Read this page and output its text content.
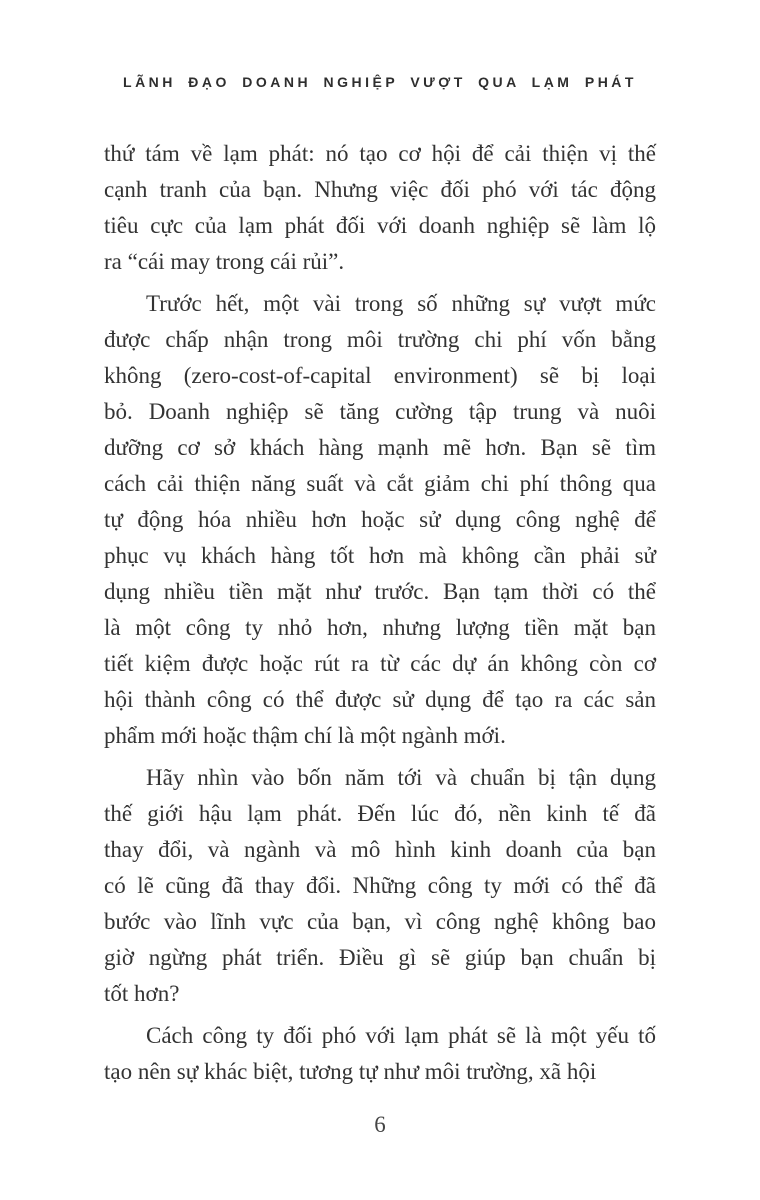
LÃNH ĐẠO DOANH NGHIỆP VƯỢT QUA LẠM PHÁT
thứ tám về lạm phát: nó tạo cơ hội để cải thiện vị thế
cạnh tranh của bạn. Nhưng việc đối phó với tác động
tiêu cực của lạm phát đối với doanh nghiệp sẽ làm lộ
ra “cái may trong cái rủi”.
Trước hết, một vài trong số những sự vượt mức
được chấp nhận trong môi trường chi phí vốn bằng
không (zero-cost-of-capital environment) sẽ bị loại
bỏ. Doanh nghiệp sẽ tăng cường tập trung và nuôi
dưỡng cơ sở khách hàng mạnh mẽ hơn. Bạn sẽ tìm
cách cải thiện năng suất và cắt giảm chi phí thông qua
tự động hóa nhiều hơn hoặc sử dụng công nghệ để
phục vụ khách hàng tốt hơn mà không cần phải sử
dụng nhiều tiền mặt như trước. Bạn tạm thời có thể
là một công ty nhỏ hơn, nhưng lượng tiền mặt bạn
tiết kiệm được hoặc rút ra từ các dự án không còn cơ
hội thành công có thể được sử dụng để tạo ra các sản
phẩm mới hoặc thậm chí là một ngành mới.
Hãy nhìn vào bốn năm tới và chuẩn bị tận dụng
thế giới hậu lạm phát. Đến lúc đó, nền kinh tế đã
thay đổi, và ngành và mô hình kinh doanh của bạn
có lẽ cũng đã thay đổi. Những công ty mới có thể đã
bước vào lĩnh vực của bạn, vì công nghệ không bao
giờ ngừng phát triển. Điều gì sẽ giúp bạn chuẩn bị
tốt hơn?
Cách công ty đối phó với lạm phát sẽ là một yếu tố
tạo nên sự khác biệt, tương tự như môi trường, xã hội
6
